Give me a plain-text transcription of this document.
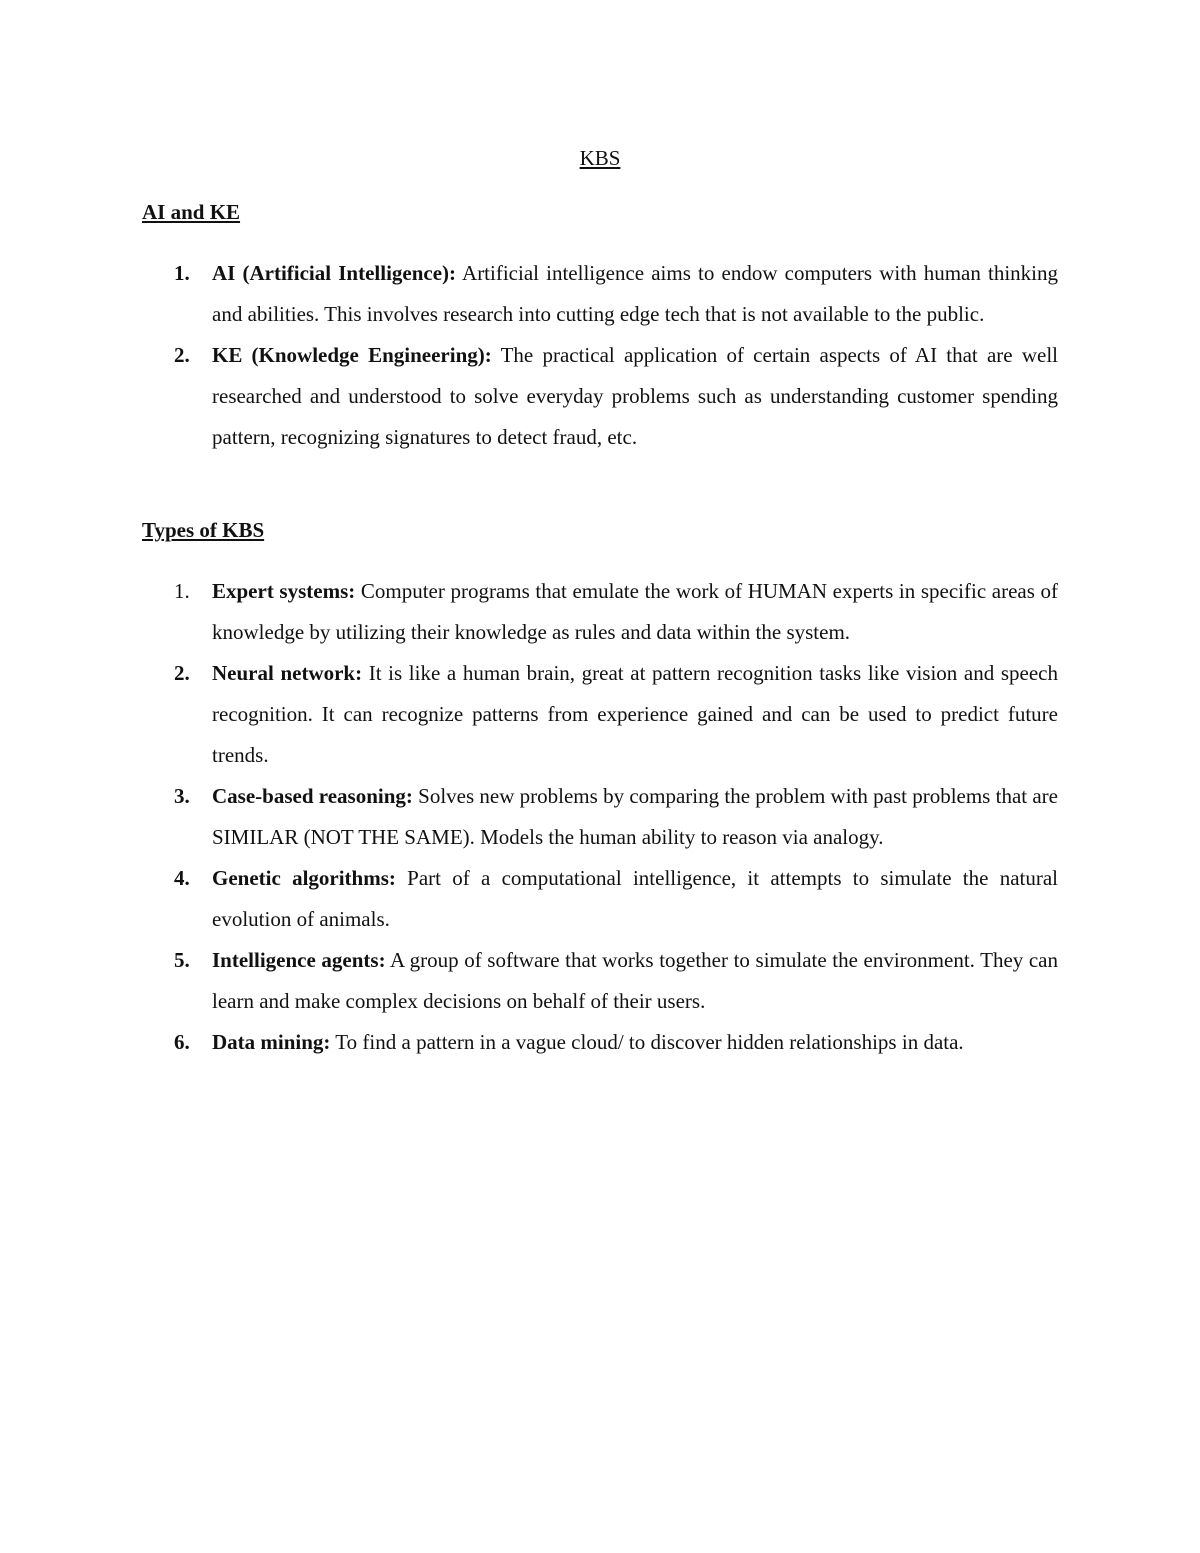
KBS
AI and KE
1. AI (Artificial Intelligence): Artificial intelligence aims to endow computers with human thinking and abilities. This involves research into cutting edge tech that is not available to the public.
2. KE (Knowledge Engineering): The practical application of certain aspects of AI that are well researched and understood to solve everyday problems such as understanding customer spending pattern, recognizing signatures to detect fraud, etc.
Types of KBS
1. Expert systems: Computer programs that emulate the work of HUMAN experts in specific areas of knowledge by utilizing their knowledge as rules and data within the system.
2. Neural network: It is like a human brain, great at pattern recognition tasks like vision and speech recognition. It can recognize patterns from experience gained and can be used to predict future trends.
3. Case-based reasoning: Solves new problems by comparing the problem with past problems that are SIMILAR (NOT THE SAME). Models the human ability to reason via analogy.
4. Genetic algorithms: Part of a computational intelligence, it attempts to simulate the natural evolution of animals.
5. Intelligence agents: A group of software that works together to simulate the environment. They can learn and make complex decisions on behalf of their users.
6. Data mining: To find a pattern in a vague cloud/ to discover hidden relationships in data.
